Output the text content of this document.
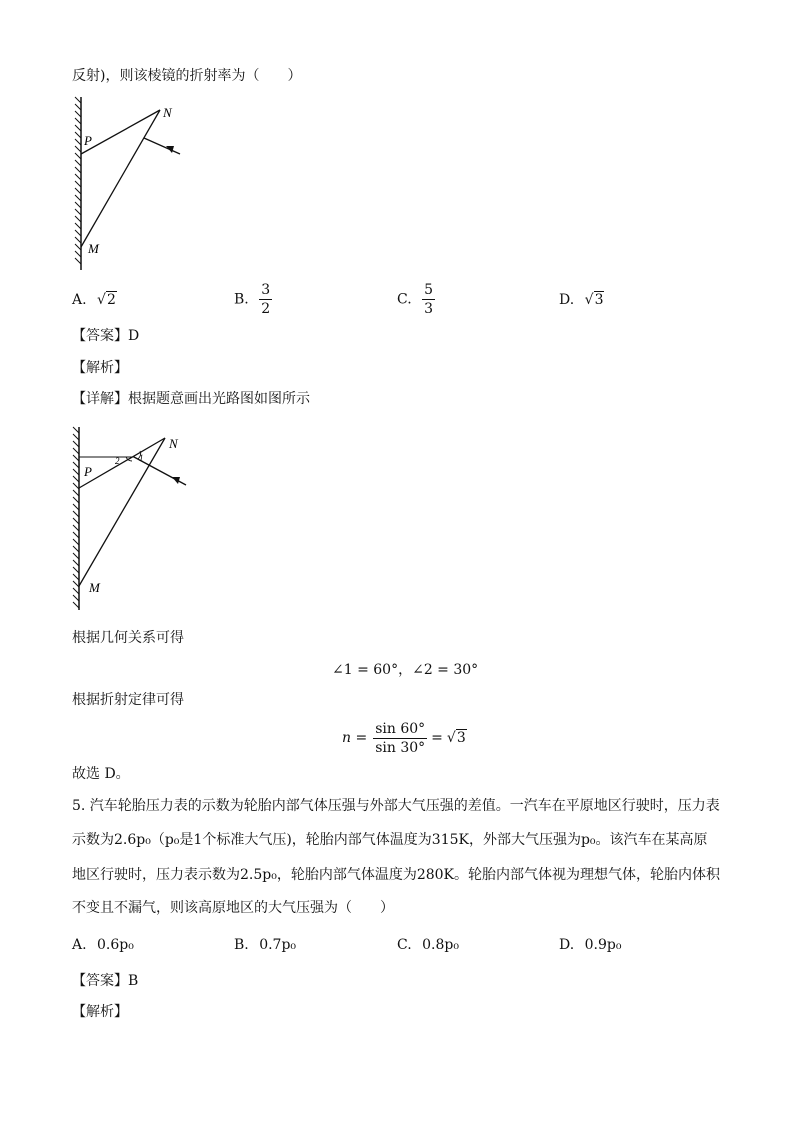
反射)，则该棱镜的折射率为（　　）
N
P
M
A. √2	B. $\frac{3}{2}$	C. $\frac{5}{3}$	D. √3
【答案】D
【解析】
【详解】根据题意画出光路图如图所示
1
2
N
P
M
根据几何关系可得
∠1 = 60°，∠2 = 30°
根据折射定律可得
$n = \frac{\sin 60^\circ}{\sin 30^\circ} = √3$
故选 D。
5. 汽车轮胎压力表的示数为轮胎内部气体压强与外部大气压强的差值。一汽车在平原地区行驶时，压力表
示数为2.6p₀（p₀是1个标准大气压)，轮胎内部气体温度为315K，外部大气压强为p₀。该汽车在某高原
地区行驶时，压力表示数为2.5p₀，轮胎内部气体温度为280K。轮胎内部气体视为理想气体，轮胎内体积
不变且不漏气，则该高原地区的大气压强为（　　）
A. 0.6p₀	B. 0.7p₀	C. 0.8p₀	D. 0.9p₀
【答案】B
【解析】
